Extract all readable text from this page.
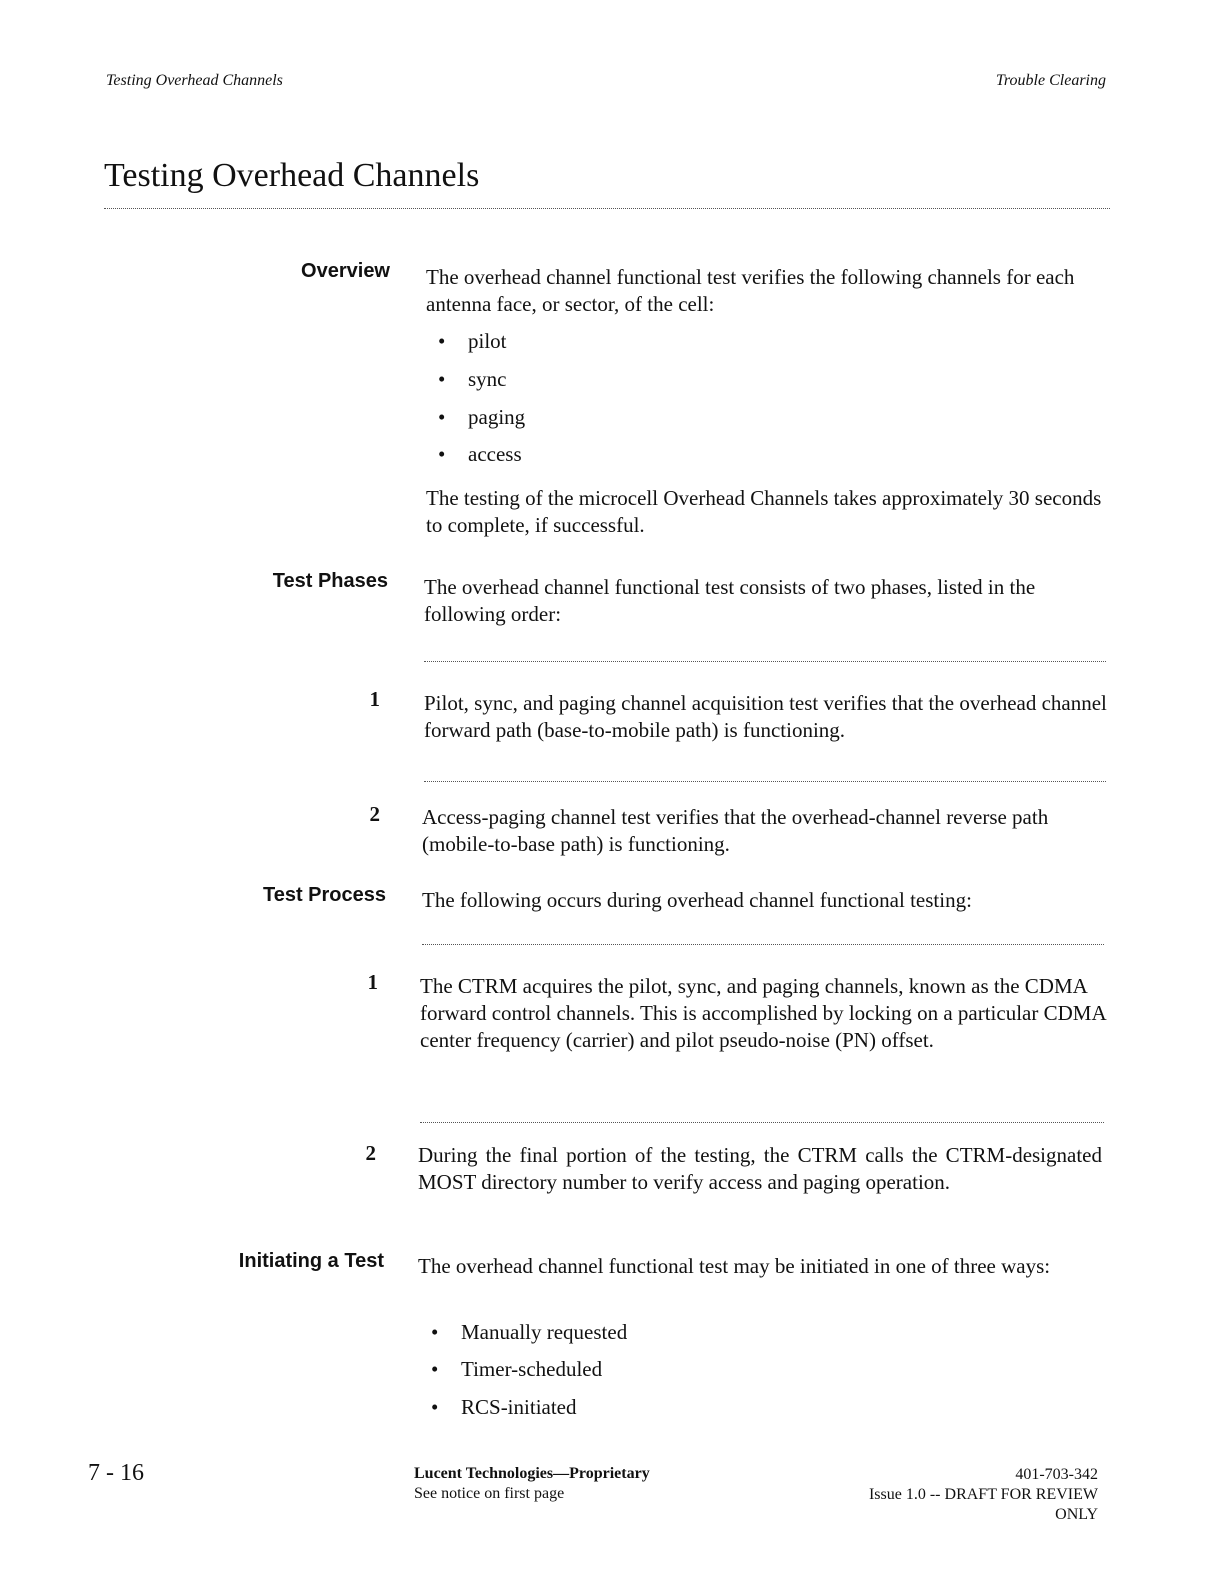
Testing Overhead Channels	Trouble Clearing
Testing Overhead Channels
Overview The overhead channel functional test verifies the following channels for each antenna face, or sector, of the cell:
• pilot
• sync
• paging
• access
The testing of the microcell Overhead Channels takes approximately 30 seconds to complete, if successful.
Test Phases The overhead channel functional test consists of two phases, listed in the following order:
1 Pilot, sync, and paging channel acquisition test verifies that the overhead channel forward path (base-to-mobile path) is functioning.
2 Access-paging channel test verifies that the overhead-channel reverse path (mobile-to-base path) is functioning.
Test Process The following occurs during overhead channel functional testing:
1 The CTRM acquires the pilot, sync, and paging channels, known as the CDMA forward control channels. This is accomplished by locking on a particular CDMA center frequency (carrier) and pilot pseudo-noise (PN) offset.
2 During the final portion of the testing, the CTRM calls the CTRM-designated MOST directory number to verify access and paging operation.
Initiating a Test The overhead channel functional test may be initiated in one of three ways:
• Manually requested
• Timer-scheduled
• RCS-initiated
7 - 16	Lucent Technologies—Proprietary
See notice on first page
401-703-342
Issue 1.0 -- DRAFT FOR REVIEW
ONLY
